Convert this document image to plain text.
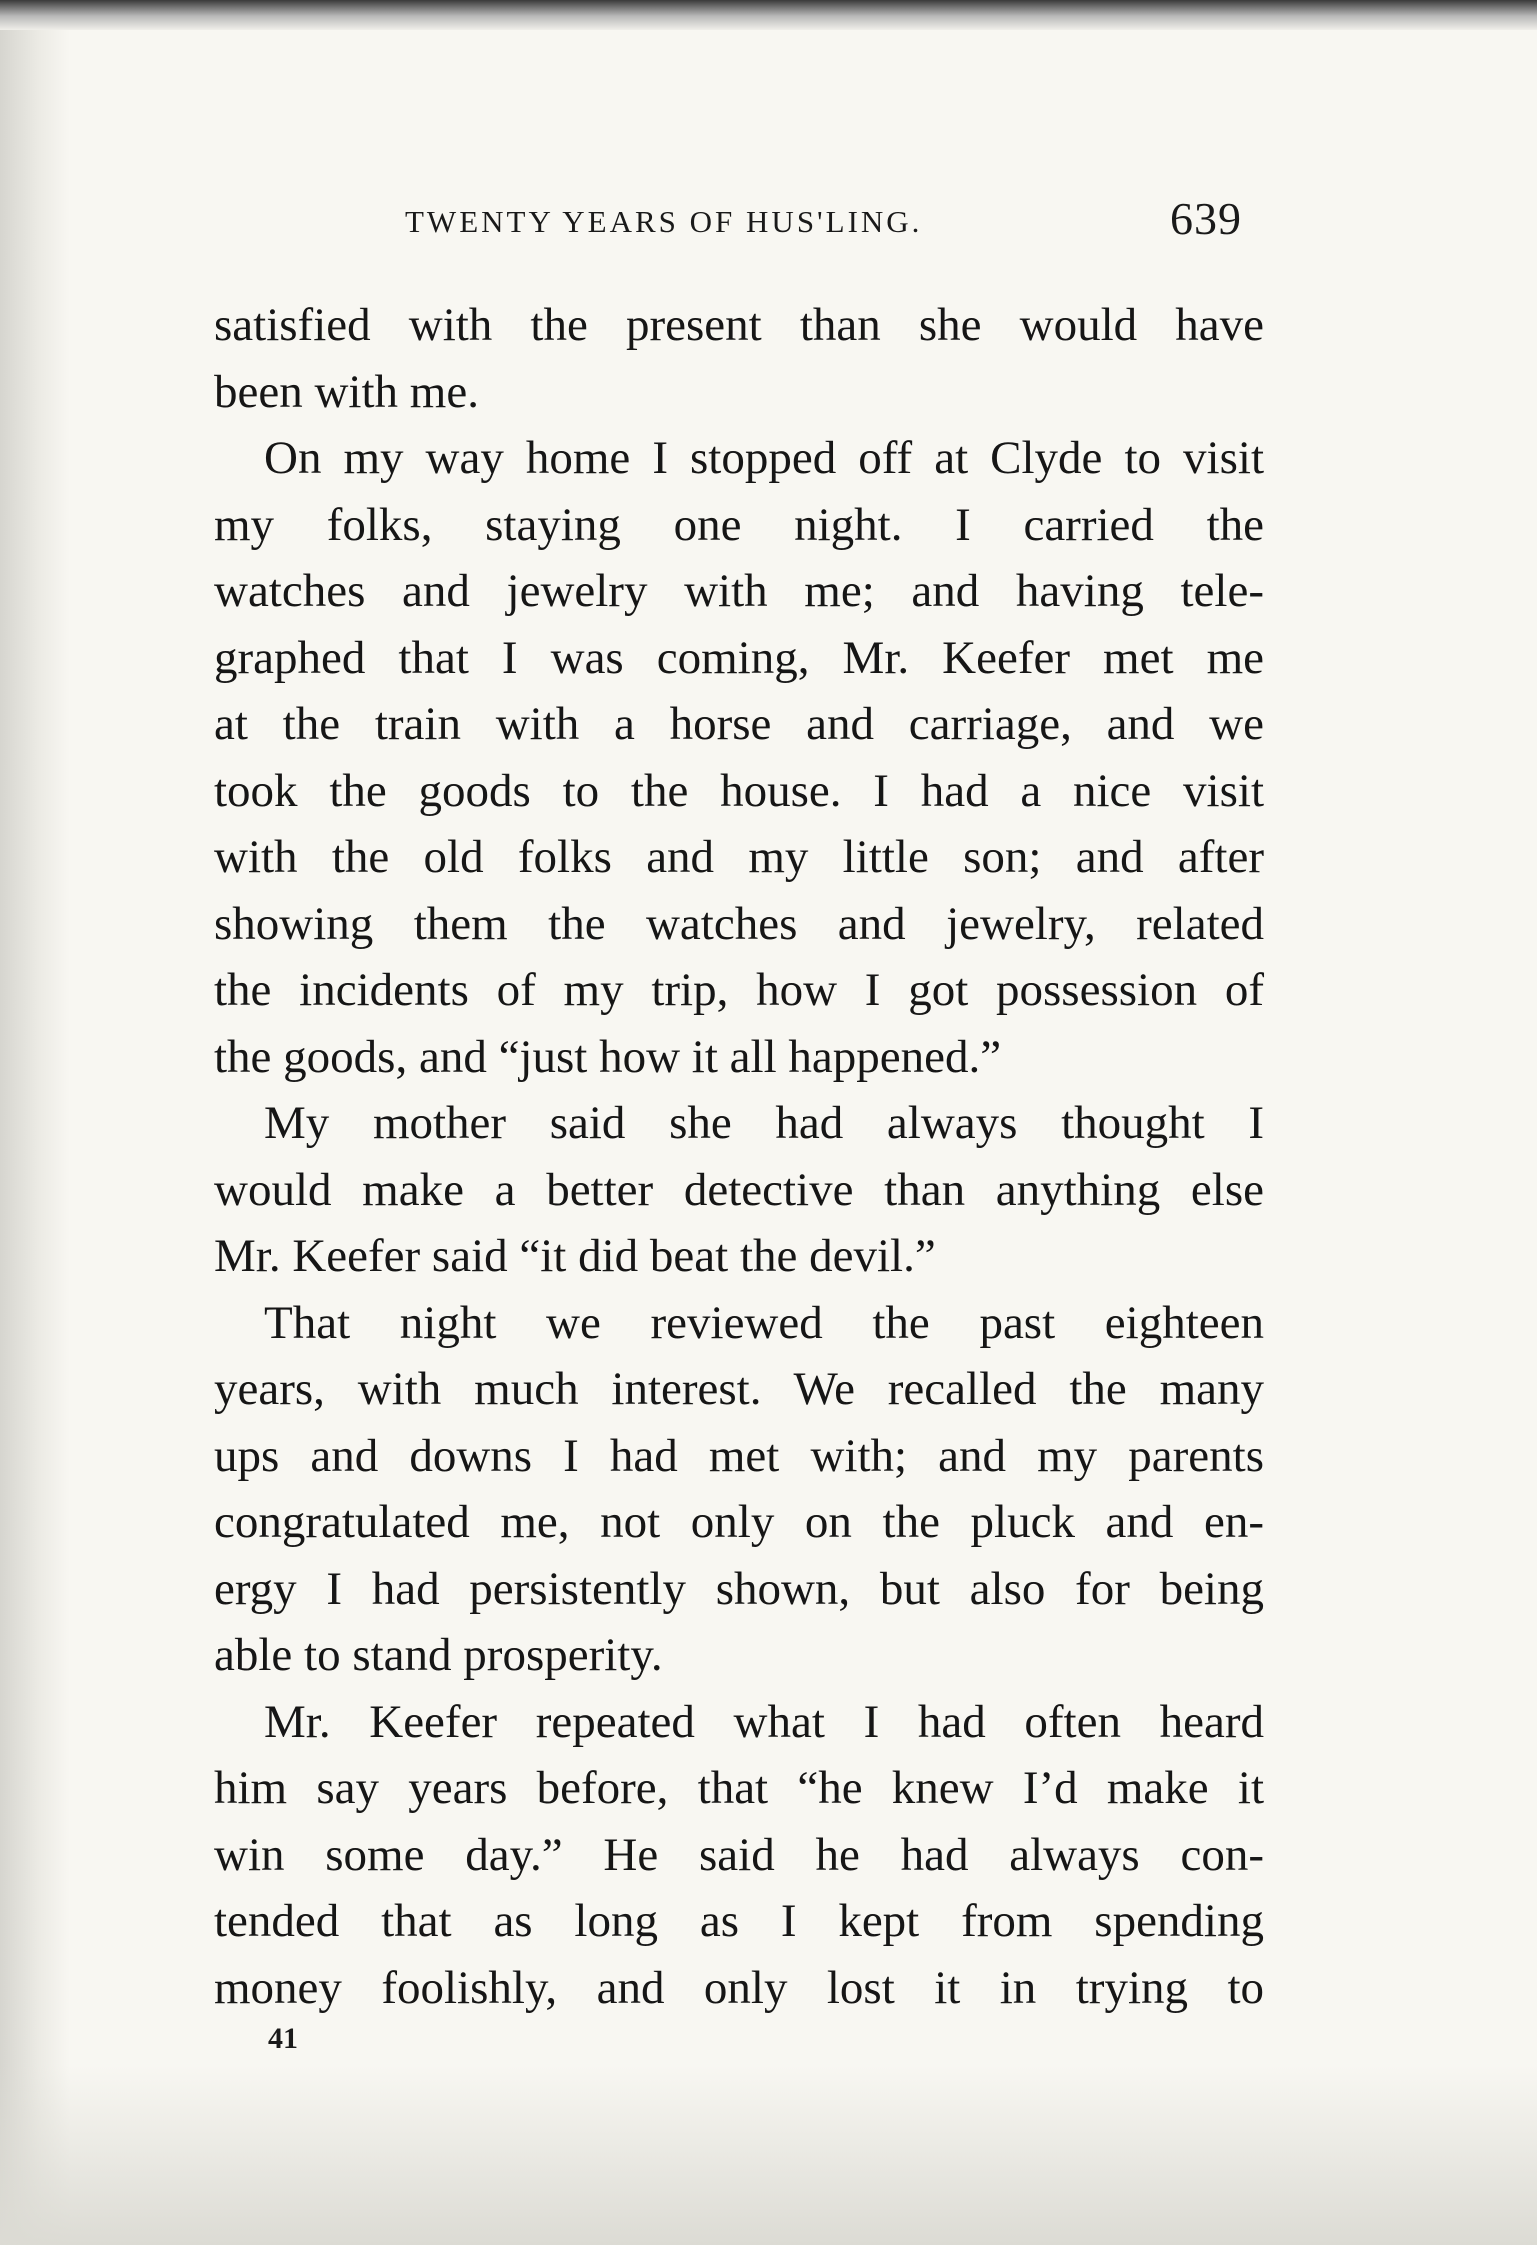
TWENTY YEARS OF HUS'LING.	639
satisfied with the present than she would have
been with me.
On my way home I stopped off at Clyde to visit
my folks, staying one night. I carried the
watches and jewelry with me; and having tele-
graphed that I was coming, Mr. Keefer met me
at the train with a horse and carriage, and we
took the goods to the house. I had a nice visit
with the old folks and my little son; and after
showing them the watches and jewelry, related
the incidents of my trip, how I got possession of
the goods, and “just how it all happened.”
My mother said she had always thought I
would make a better detective than anything else
Mr. Keefer said “it did beat the devil.”
That night we reviewed the past eighteen
years, with much interest. We recalled the many
ups and downs I had met with; and my parents
congratulated me, not only on the pluck and en-
ergy I had persistently shown, but also for being
able to stand prosperity.
Mr. Keefer repeated what I had often heard
him say years before, that “he knew I’d make it
win some day.” He said he had always con-
tended that as long as I kept from spending
money foolishly, and only lost it in trying to
41
